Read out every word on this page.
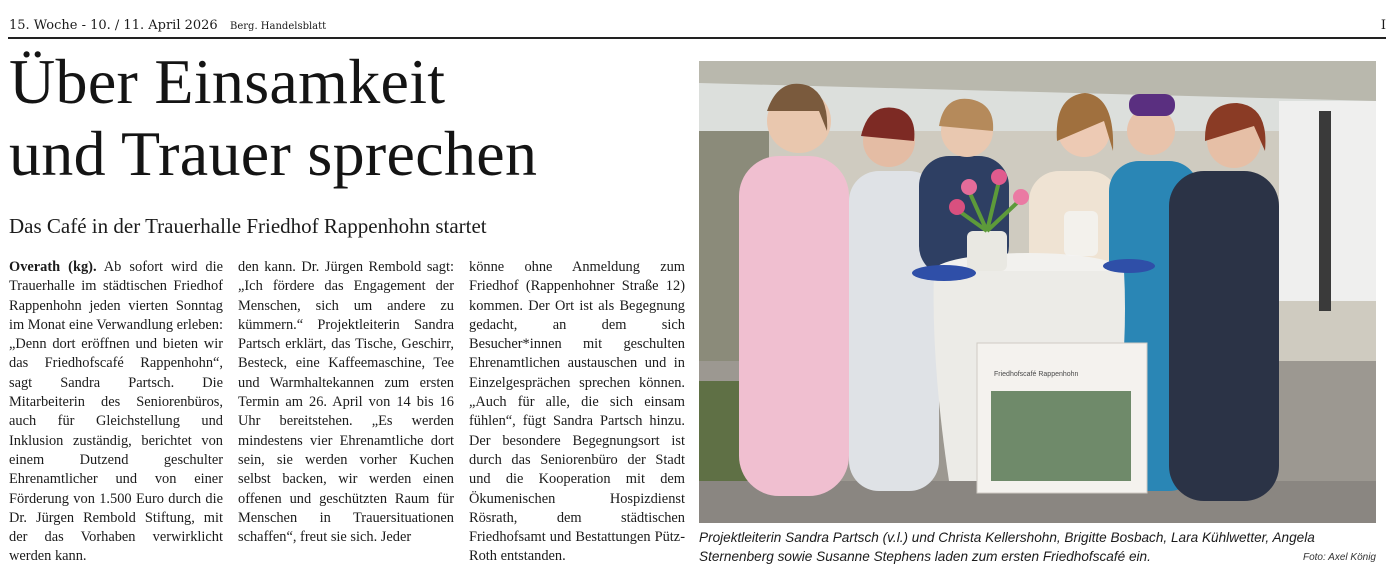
15. Woche - 10. / 11. April 2026 Berg. Handelsblatt	I
Über Einsamkeit
und Trauer sprechen
Das Café in der Trauerhalle Friedhof Rappenhohn startet

Overath (kg). Ab sofort wird die Trauerhalle im städtischen Friedhof Rappenhohn jeden vierten Sonntag im Monat eine Verwandlung erleben: „Denn dort eröffnen und bieten wir das Friedhofscafé Rappenhohn“, sagt Sandra Partsch. Die Mitarbeiterin des Seniorenbüros, auch für Gleichstellung und Inklusion zuständig, berichtet von einem Dutzend geschulter Ehrenamtlicher und von einer Förderung von 1.500 Euro durch die Dr. Jürgen Rembold Stiftung, mit der das Vorhaben verwirklicht werden kann.

den kann. Dr. Jürgen Rembold sagt: „Ich fördere das Engagement der Menschen, sich um andere zu kümmern.“ Projektleiterin Sandra Partsch erklärt, das Tische, Geschirr, Besteck, eine Kaffeemaschine, Tee und Warmhaltekannen zum ersten Termin am 26. April von 14 bis 16 Uhr bereitstehen. „Es werden mindestens vier Ehrenamtliche dort sein, sie werden vorher Kuchen selbst backen, wir werden einen offenen und geschützten Raum für Menschen in Trauersituationen schaffen“, freut sie sich. Jeder

könne ohne Anmeldung zum Friedhof (Rappenhohner Straße 12) kommen. Der Ort ist als Begegnung gedacht, an dem sich Besucher*innen mit geschulten Ehrenamtlichen austauschen und in Einzelgesprächen sprechen können. „Auch für alle, die sich einsam fühlen“, fügt Sandra Partsch hinzu. Der besondere Begegnungsort ist durch das Seniorenbüro der Stadt und die Kooperation mit dem Ökumenischen Hospizdienst Rösrath, dem städtischen Friedhofsamt und Bestattungen Pütz-Roth entstanden.

Friedhofscafé Rappenhohn
Projektleiterin Sandra Partsch (v.l.) und Christa Kellershohn, Brigitte Bosbach, Lara Kühlwetter, Angela Sternenberg sowie Susanne Stephens laden zum ersten Friedhofscafé ein.	Foto: Axel König
